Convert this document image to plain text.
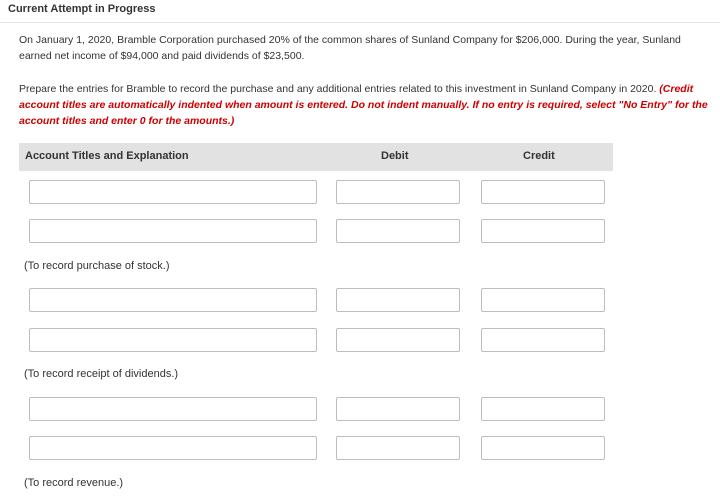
Current Attempt in Progress
On January 1, 2020, Bramble Corporation purchased 20% of the common shares of Sunland Company for $206,000. During the year, Sunland earned net income of $94,000 and paid dividends of $23,500.
Prepare the entries for Bramble to record the purchase and any additional entries related to this investment in Sunland Company in 2020. (Credit account titles are automatically indented when amount is entered. Do not indent manually. If no entry is required, select "No Entry" for the account titles and enter 0 for the amounts.)
Account Titles and Explanation	Debit	Credit
(To record purchase of stock.)
(To record receipt of dividends.)
(To record revenue.)
